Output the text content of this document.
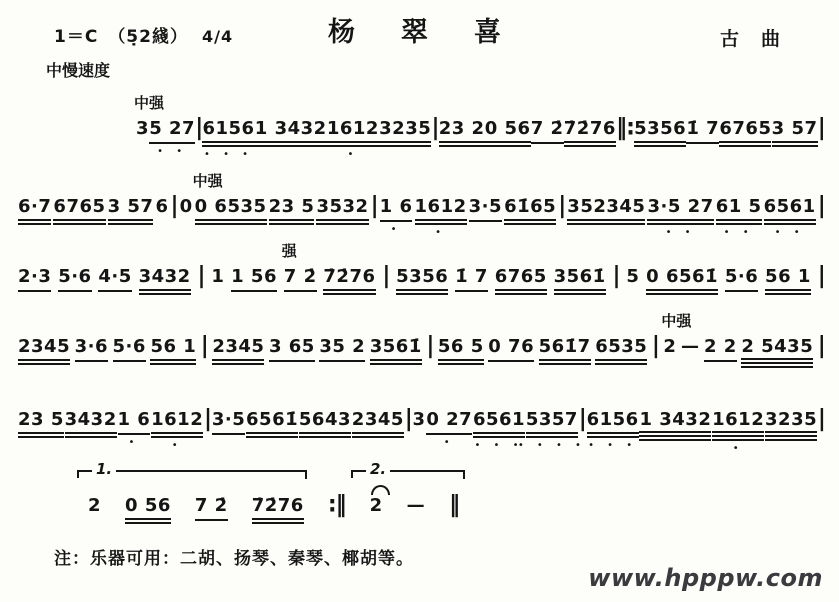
1＝C （5̣2綫） 4/4	杨翠喜	古曲
中慢速度
3
中强
5 27
• •
| 6156
• • •
1 3432 1612
•
3235 | 23 2 0 56 7 2̇ 7̇2̇76 ‖: 5356 1̇ 7 6765 3 57 |
6·7 6765 3 57 6 | 0 0 6535
中强
23 5 3532 | 1 6
•
1612
•
3·5 61̇65 | 352345 3·5 27
• •
61 5
• •
6561
• •
|
2·3 5·6 4·5 3432 | 1 1 56 7 2̇
强
7̇2̇76 | 5356 1̇ 7 6765 3561̇ | 5 0 6561̇ 5·6 56 1 |
2345 3·6 5·6 56 1 | 2345 3 65 35 2 3561̇ | 56 5 0 76 561̇7 6535 | 2
中强
— 2 2 2 5435 |
23 5 3432 1 6
•
1612
•
| 3·5 6561̇ 5643 2345 | 3 0 27
•
6561
• • •
5357
• • • •
| 6156
• • •
1 3432 1612
•
3235 |
2 0 56 7 2̇ 7̇2̇76 :‖ 2 — ‖
1.	2.
注：乐器可用：二胡、扬琴、秦琴、椰胡等。
www.hpppw.com
